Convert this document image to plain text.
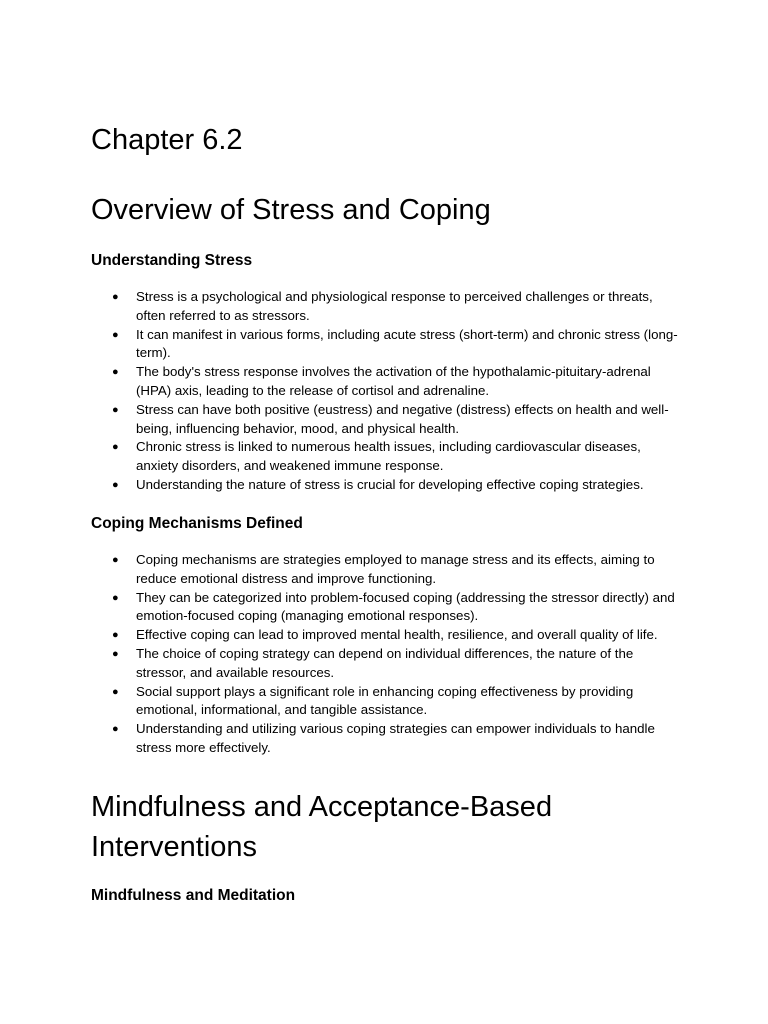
Chapter 6.2
Overview of Stress and Coping
Understanding Stress
●	Stress is a psychological and physiological response to perceived challenges or threats, often referred to as stressors.
●	It can manifest in various forms, including acute stress (short-term) and chronic stress (long-term).
●	The body's stress response involves the activation of the hypothalamic-pituitary-adrenal (HPA) axis, leading to the release of cortisol and adrenaline.
●	Stress can have both positive (eustress) and negative (distress) effects on health and well-being, influencing behavior, mood, and physical health.
●	Chronic stress is linked to numerous health issues, including cardiovascular diseases, anxiety disorders, and weakened immune response.
●	Understanding the nature of stress is crucial for developing effective coping strategies.
Coping Mechanisms Defined
●	Coping mechanisms are strategies employed to manage stress and its effects, aiming to reduce emotional distress and improve functioning.
●	They can be categorized into problem-focused coping (addressing the stressor directly) and emotion-focused coping (managing emotional responses).
●	Effective coping can lead to improved mental health, resilience, and overall quality of life.
●	The choice of coping strategy can depend on individual differences, the nature of the stressor, and available resources.
●	Social support plays a significant role in enhancing coping effectiveness by providing emotional, informational, and tangible assistance.
●	Understanding and utilizing various coping strategies can empower individuals to handle stress more effectively.
Mindfulness and Acceptance-Based Interventions
Mindfulness and Meditation
